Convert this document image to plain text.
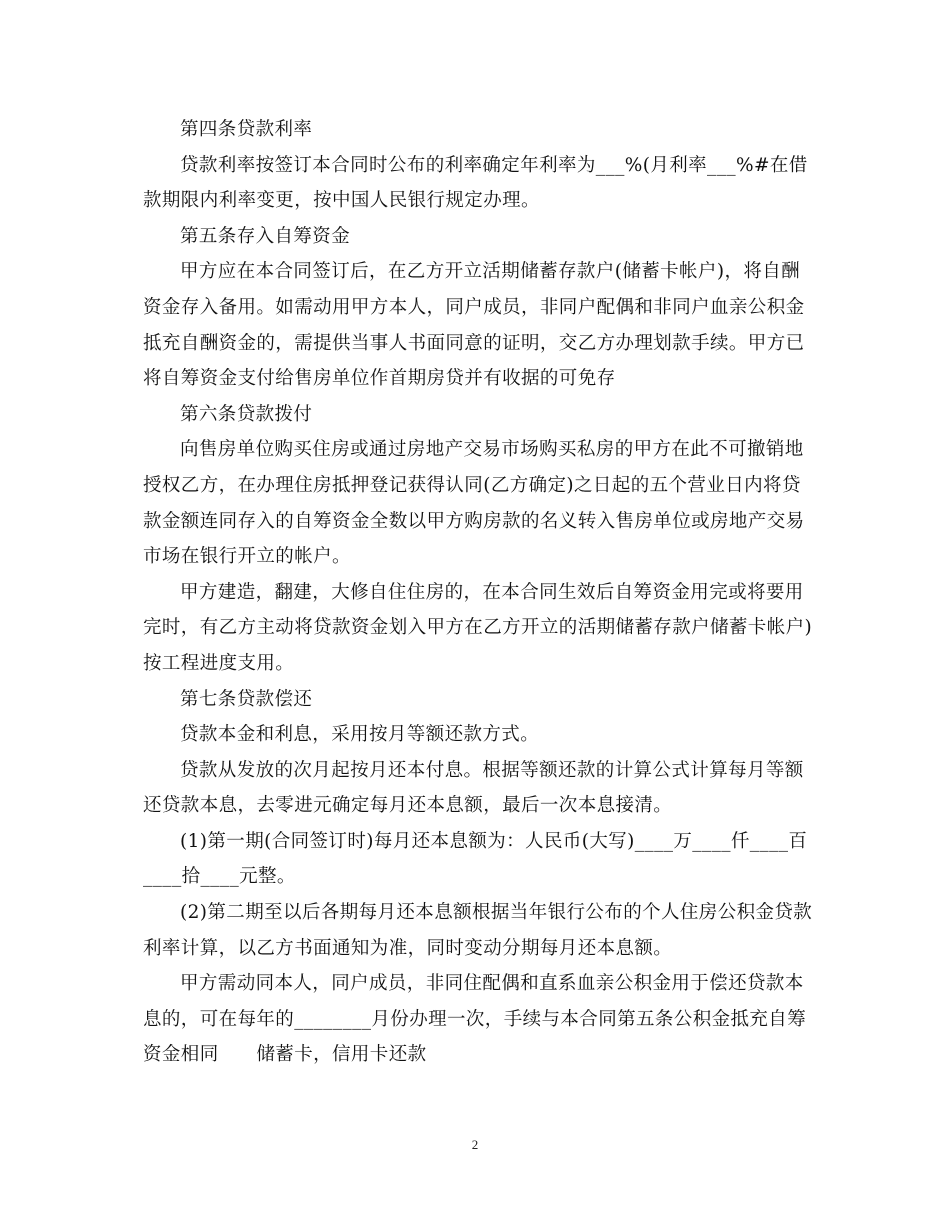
第四条贷款利率

贷款利率按签订本合同时公布的利率确定年利率为___%(月利率___%#在借款期限内利率变更，按中国人民银行规定办理。

第五条存入自筹资金

甲方应在本合同签订后，在乙方开立活期储蓄存款户(储蓄卡帐户)，将自酬资金存入备用。如需动用甲方本人，同户成员，非同户配偶和非同户血亲公积金抵充自酬资金的，需提供当事人书面同意的证明，交乙方办理划款手续。甲方已将自筹资金支付给售房单位作首期房贷并有收据的可免存

第六条贷款拨付

向售房单位购买住房或通过房地产交易市场购买私房的甲方在此不可撤销地授权乙方，在办理住房抵押登记获得认同(乙方确定)之日起的五个营业日内将贷款金额连同存入的自筹资金全数以甲方购房款的名义转入售房单位或房地产交易市场在银行开立的帐户。

甲方建造，翻建，大修自住住房的，在本合同生效后自筹资金用完或将要用完时，有乙方主动将贷款资金划入甲方在乙方开立的活期储蓄存款户储蓄卡帐户)按工程进度支用。

第七条贷款偿还

贷款本金和利息，采用按月等额还款方式。

贷款从发放的次月起按月还本付息。根据等额还款的计算公式计算每月等额还贷款本息，去零进元确定每月还本息额，最后一次本息接清。

(1)第一期(合同签订时)每月还本息额为：人民币(大写)____万____仟____百____拾____元整。

(2)第二期至以后各期每月还本息额根据当年银行公布的个人住房公积金贷款利率计算，以乙方书面通知为准，同时变动分期每月还本息额。

甲方需动同本人，同户成员，非同住配偶和直系血亲公积金用于偿还贷款本息的，可在每年的________月份办理一次，手续与本合同第五条公积金抵充自筹资金相同　　储蓄卡，信用卡还款

2
